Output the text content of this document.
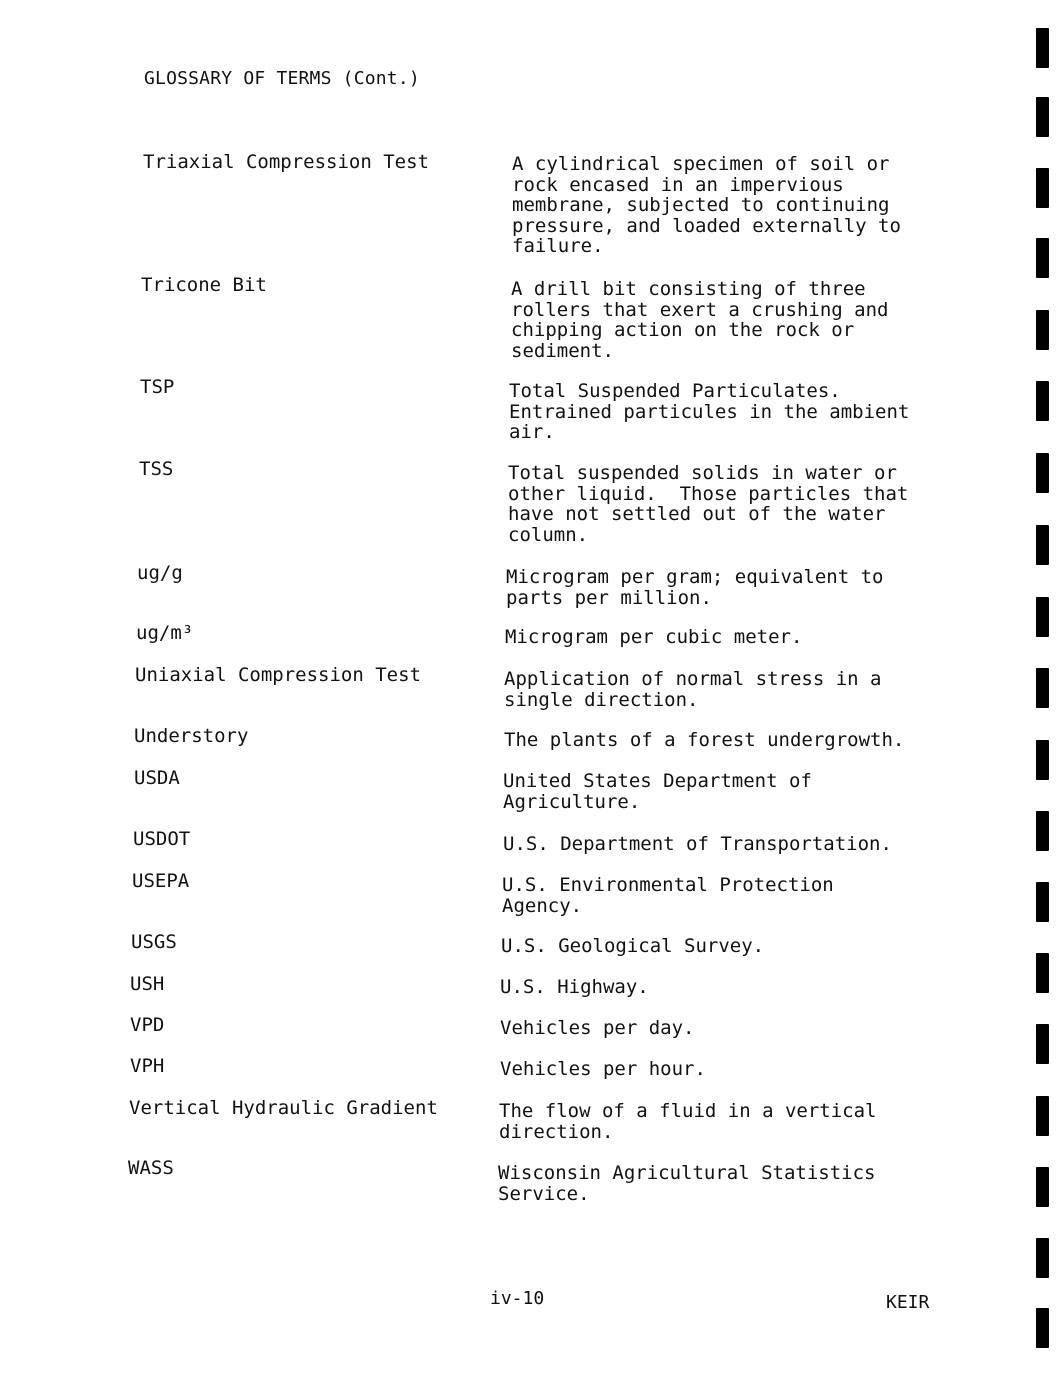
GLOSSARY OF TERMS (Cont.)
Triaxial Compression Test	A cylindrical specimen of soil or
rock encased in an impervious
membrane, subjected to continuing
pressure, and loaded externally to
failure.
Tricone Bit	A drill bit consisting of three
rollers that exert a crushing and
chipping action on the rock or
sediment.
TSP	Total Suspended Particulates.
Entrained particules in the ambient
air.
TSS	Total suspended solids in water or
other liquid.  Those particles that
have not settled out of the water
column.
ug/g	Microgram per gram; equivalent to
parts per million.
ug/m³	Microgram per cubic meter.
Uniaxial Compression Test	Application of normal stress in a
single direction.
Understory	The plants of a forest undergrowth.
USDA	United States Department of
Agriculture.
USDOT	U.S. Department of Transportation.
USEPA	U.S. Environmental Protection
Agency.
USGS	U.S. Geological Survey.
USH	U.S. Highway.
VPD	Vehicles per day.
VPH	Vehicles per hour.
Vertical Hydraulic Gradient	The flow of a fluid in a vertical
direction.
WASS	Wisconsin Agricultural Statistics
Service.
iv-10	KEIR
